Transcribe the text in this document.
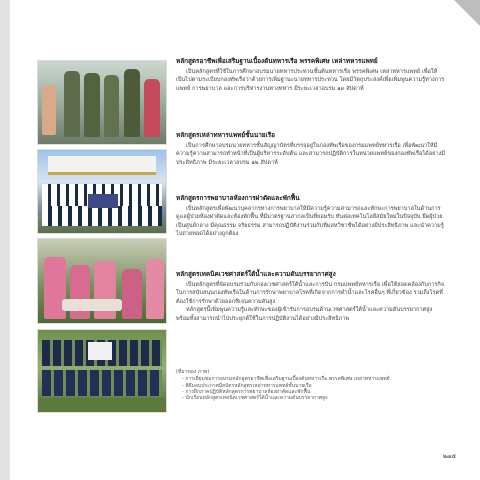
หลักสูตรอาชีพเพื่อเสริมฐานเบื้องต้นทหารเรือ พรรคพิเศษ เหล่าทหารแพทย์

เป็นหลักสูตรที่ใช้ในการศึกษาอบรมนายทหารประทวนชั้นต้นทหารเรือ พรรคพิเศษ เหล่าทหารแพทย์ เพื่อให้เป็นไปตามระเบียบกองทัพเรือว่าด้วยการเพิ่มฐานะนายทหารประทวน โดยมีวัตถุประสงค์เพื่อเพิ่มพูนความรู้ทางการแพทย์ การพยาบาล และการบริหารงานทางทหาร มีระยะเวลาอบรม ๑๓ สัปดาห์

หลักสูตรเหล่าทหารแพทย์ชั้นนายเรือ

เป็นการศึกษาอบรมนายทหารชั้นสัญญาบัตรที่บรรจุอยู่ในกองทัพเรือของกรมแพทย์ทหารเรือ เพื่อพัฒนาให้มีความรู้ความสามารถทำหน้าที่เป็นผู้บริหารระดับต้น และสามารถปฏิบัติการในหน่วยแพทย์ของกองทัพเรือได้อย่างมีประสิทธิภาพ มีระยะเวลาอบรม ๑๒ สัปดาห์

หลักสูตรการพยาบาลห้องการผ่าตัดและพักฟื้น

เป็นหลักสูตรเพื่อพัฒนาบุคลากรทางการพยาบาลให้มีความรู้ความสามารถและทักษะการพยาบาลในด้านการดูแลผู้ป่วยห้องผ่าตัดและห้องพักฟื้น ที่มีมาตรฐานสากลเป็นที่ยอมรับ ทันต่อเทคโนโลยีสมัยใหม่ในปัจจุบัน ยึดผู้ป่วยเป็นศูนย์กลาง มีคุณธรรม จริยธรรม สามารถปฏิบัติงานร่วมกับทีมสหวิชาชีพได้อย่างมีประสิทธิภาพ และนำความรู้ไปถ่ายทอดได้อย่างถูกต้อง

หลักสูตรเทคนิคเวชศาสตร์ใต้น้ำและความดันบรรยากาศสูง

เป็นหลักสูตรที่จัดอบรมร่วมกับกองเวชศาสตร์ใต้น้ำและการบิน กรมแพทย์ทหารเรือ เพื่อให้สอดคล้องกับการกิจในการสนับสนุนกองทัพเรือในด้านการรักษาพยาบาลโรคที่เกิดจากการดำน้ำและโรคอื่นๆ ที่เกี่ยวข้อง รวมถึงโรคที่ต้องใช้การรักษาด้วยออกซิเจนความดันสูง

หลักสูตรนี้เพิ่มพูนความรู้และทักษะของผู้เข้ารับการอบรมด้านเวชศาสตร์ใต้น้ำและความดันบรรยากาศสูง พร้อมทั้งสามารถนำไปประยุกต์ใช้ในการปฏิบัติงานได้อย่างมีประสิทธิภาพ

(ที่มาของ ภาพ)

- การเยี่ยมชมการอบรมหลักสูตรอาชีพเพื่อเสริมฐานเบื้องต้นทหารเรือ พรรคพิเศษ เหล่าทหารแพทย์
- พิธีมอบประกาศนียบัตรหลักสูตรเหล่าทหารแพทย์ชั้นนายเรือ
- การฝึกภาคปฏิบัติหลักสูตรการพยาบาลห้องผ่าตัดและพักฟื้น
- นักเรียนหลักสูตรเทคนิคเวชศาสตร์ใต้น้ำและความดันบรรยากาศสูง
๒๗๕
